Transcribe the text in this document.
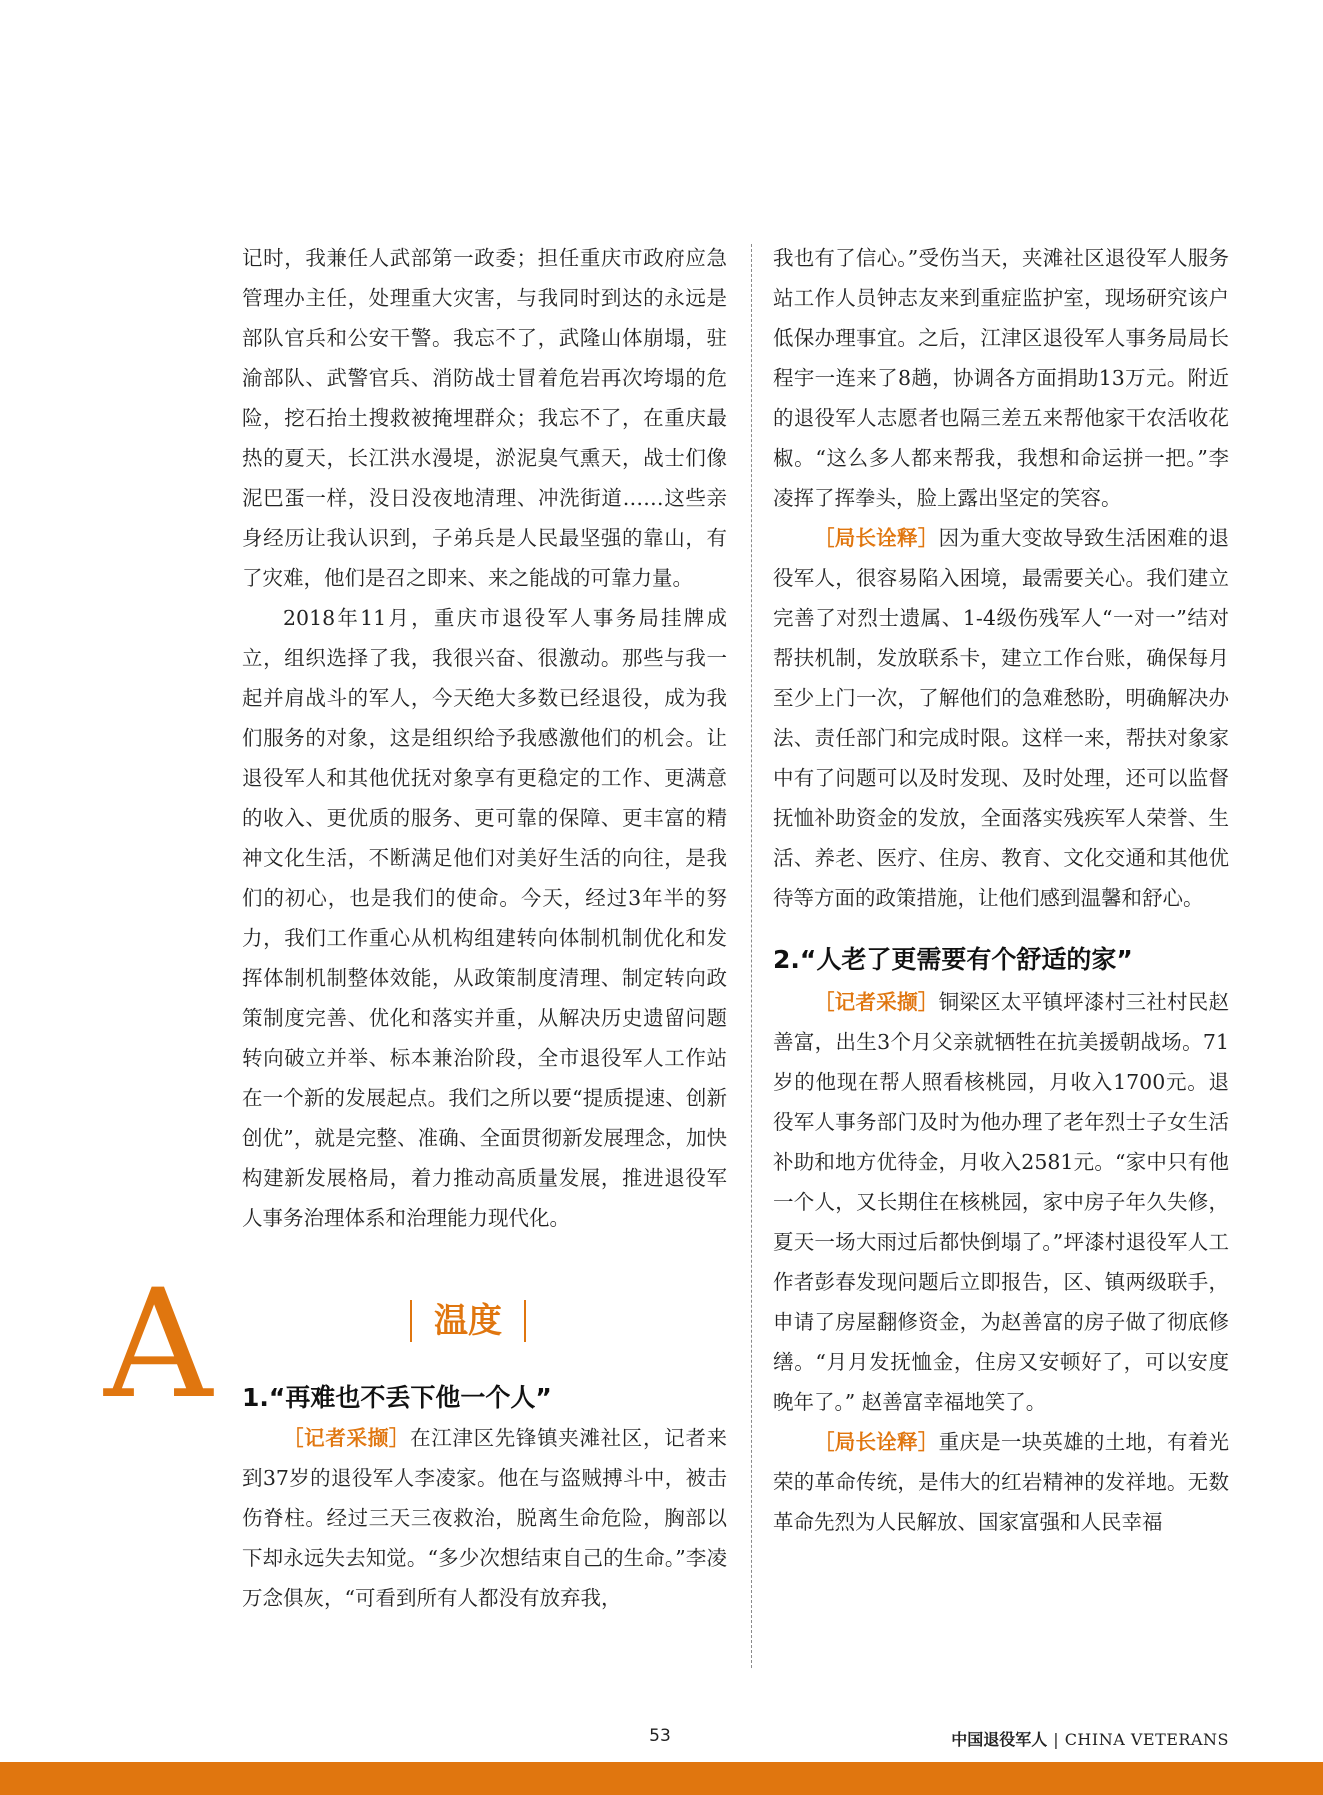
记时，我兼任人武部第一政委；担任重庆市政府应急管理办主任，处理重大灾害，与我同时到达的永远是部队官兵和公安干警。我忘不了，武隆山体崩塌，驻渝部队、武警官兵、消防战士冒着危岩再次垮塌的危险，挖石抬土搜救被掩埋群众；我忘不了，在重庆最热的夏天，长江洪水漫堤，淤泥臭气熏天，战士们像泥巴蛋一样，没日没夜地清理、冲洗街道……这些亲身经历让我认识到，子弟兵是人民最坚强的靠山，有了灾难，他们是召之即来、来之能战的可靠力量。

2018年11月，重庆市退役军人事务局挂牌成立，组织选择了我，我很兴奋、很激动。那些与我一起并肩战斗的军人，今天绝大多数已经退役，成为我们服务的对象，这是组织给予我感激他们的机会。让退役军人和其他优抚对象享有更稳定的工作、更满意的收入、更优质的服务、更可靠的保障、更丰富的精神文化生活，不断满足他们对美好生活的向往，是我们的初心，也是我们的使命。今天，经过3年半的努力，我们工作重心从机构组建转向体制机制优化和发挥体制机制整体效能，从政策制度清理、制定转向政策制度完善、优化和落实并重，从解决历史遗留问题转向破立并举、标本兼治阶段，全市退役军人工作站在一个新的发展起点。我们之所以要“提质提速、创新创优”，就是完整、准确、全面贯彻新发展理念，加快构建新发展格局，着力推动高质量发展，推进退役军人事务治理体系和治理能力现代化。

A	温度
1.“再难也不丢下他一个人”

［记者采撷］在江津区先锋镇夹滩社区，记者来到37岁的退役军人李凌家。他在与盗贼搏斗中，被击伤脊柱。经过三天三夜救治，脱离生命危险，胸部以下却永远失去知觉。“多少次想结束自己的生命。”李凌万念俱灰，“可看到所有人都没有放弃我，

我也有了信心。”受伤当天，夹滩社区退役军人服务站工作人员钟志友来到重症监护室，现场研究该户低保办理事宜。之后，江津区退役军人事务局局长程宇一连来了8趟，协调各方面捐助13万元。附近的退役军人志愿者也隔三差五来帮他家干农活收花椒。“这么多人都来帮我，我想和命运拼一把。”李凌挥了挥拳头，脸上露出坚定的笑容。

［局长诠释］因为重大变故导致生活困难的退役军人，很容易陷入困境，最需要关心。我们建立完善了对烈士遗属、1-4级伤残军人“一对一”结对帮扶机制，发放联系卡，建立工作台账，确保每月至少上门一次，了解他们的急难愁盼，明确解决办法、责任部门和完成时限。这样一来，帮扶对象家中有了问题可以及时发现、及时处理，还可以监督抚恤补助资金的发放，全面落实残疾军人荣誉、生活、养老、医疗、住房、教育、文化交通和其他优待等方面的政策措施，让他们感到温馨和舒心。

2.“人老了更需要有个舒适的家”

［记者采撷］铜梁区太平镇坪漆村三社村民赵善富，出生3个月父亲就牺牲在抗美援朝战场。71岁的他现在帮人照看核桃园，月收入1700元。退役军人事务部门及时为他办理了老年烈士子女生活补助和地方优待金，月收入2581元。“家中只有他一个人，又长期住在核桃园，家中房子年久失修，夏天一场大雨过后都快倒塌了。”坪漆村退役军人工作者彭春发现问题后立即报告，区、镇两级联手，申请了房屋翻修资金，为赵善富的房子做了彻底修缮。“月月发抚恤金，住房又安顿好了，可以安度晚年了。” 赵善富幸福地笑了。

［局长诠释］重庆是一块英雄的土地，有着光荣的革命传统，是伟大的红岩精神的发祥地。无数革命先烈为人民解放、国家富强和人民幸福

53	中国退役军人 | CHINA VETERANS
